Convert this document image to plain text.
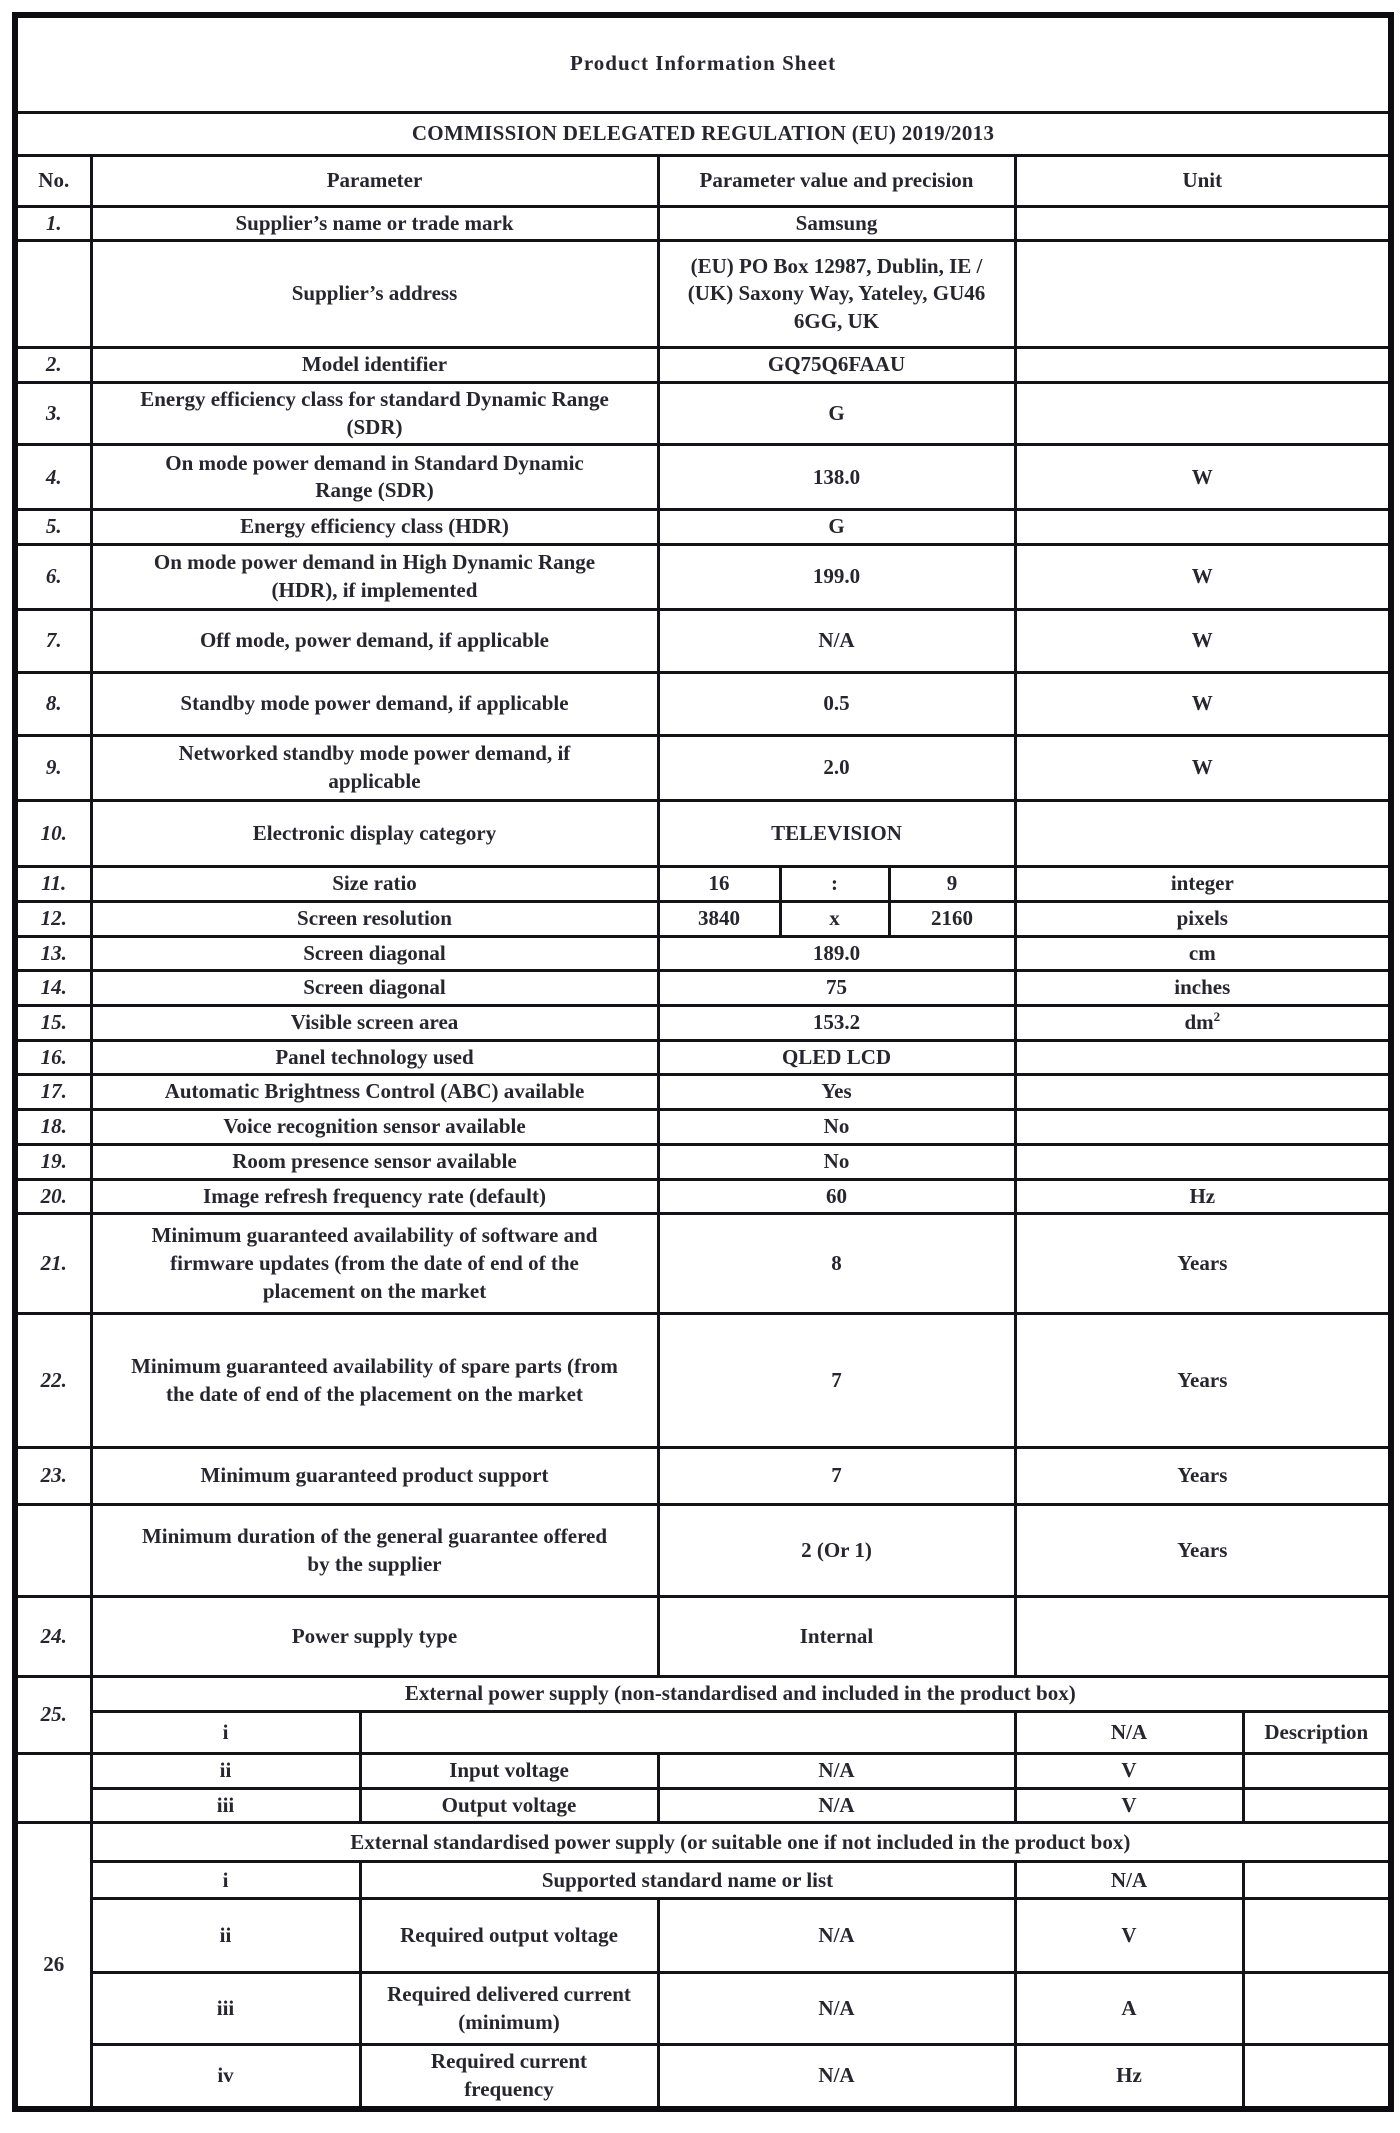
Product Information Sheet							
COMMISSION DELEGATED REGULATION (EU) 2019/2013							
No.	Parameter		Parameter value and precision			Unit	
1.	Supplier’s name or trade mark		Samsung				
	Supplier’s address		(EU) PO Box 12987, Dublin, IE / (UK) Saxony Way, Yateley, GU46 6GG, UK				
2.	Model identifier		GQ75Q6FAAU				
3.	Energy efficiency class for standard Dynamic Range (SDR)		G				
4.	On mode power demand in Standard Dynamic Range (SDR)		138.0			W	
5.	Energy efficiency class (HDR)		G				
6.	On mode power demand in High Dynamic Range (HDR), if implemented		199.0			W	
7.	Off mode, power demand, if applicable		N/A			W	
8.	Standby mode power demand, if applicable		0.5			W	
9.	Networked standby mode power demand, if applicable		2.0			W	
10.	Electronic display category		TELEVISION				
11.	Size ratio		16	:	9	integer	
12.	Screen resolution		3840	x	2160	pixels	
13.	Screen diagonal		189.0			cm	
14.	Screen diagonal		75			inches	
15.	Visible screen area		153.2			$dm^2$
16.	Panel technology used		QLED LCD				
17.	Automatic Brightness Control (ABC) available		Yes				
18.	Voice recognition sensor available		No				
19.	Room presence sensor available		No				
20.	Image refresh frequency rate (default)		60			Hz	
21.	Minimum guaranteed availability of software and firmware updates (from the date of end of the placement on the market		8			Years	
22.	Minimum guaranteed availability of spare parts (from the date of end of the placement on the market		7			Years	
23.	Minimum guaranteed product support		7			Years	
	Minimum duration of the general guarantee offered by the supplier		2 (Or 1)			Years	
24.	Power supply type		Internal				
25.	External power supply (non-standardised and included in the product box)						
	i					N/A	Description
	ii	Input voltage	N/A			V	
	iii	Output voltage	N/A			V	
26	External standardised power supply (or suitable one if not included in the product box)						
	i	Supported standard name or list				N/A	
	ii	Required output voltage	N/A			V	
	iii	Required delivered current (minimum)	N/A			A	
	iv	Required current frequency	N/A			Hz	
